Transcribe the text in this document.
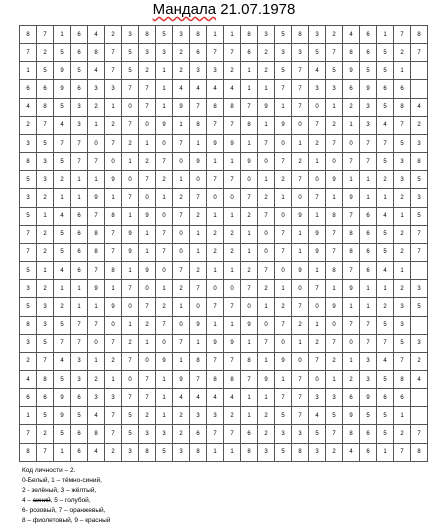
Мандала 21.07.1978
8	7	1	6	4	2	3	8	5	3	8	1	1	8	3	5	8	3	2	4	6	1	7	8
7	2	5	6	8	7	5	3	3	2	6	7	7	6	2	3	3	5	7	8	6	5	2	7
1	5	9	5	4	7	5	2	1	2	3	3	2	1	2	5	7	4	5	9	5	5	1	
6	6	9	6	3	3	7	7	1	4	4	4	4	1	1	7	7	3	3	6	9	6	6	
4	8	5	3	2	1	0	7	1	9	7	8	8	7	9	1	7	0	1	2	3	5	8	4
2	7	4	3	1	2	7	0	9	1	8	7	7	8	1	9	0	7	2	1	3	4	7	2
3	5	7	7	0	7	2	1	0	7	1	9	9	1	7	0	1	2	7	0	7	7	5	3
8	3	5	7	7	0	1	2	7	0	9	1	1	9	0	7	2	1	0	7	7	5	3	8
5	3	2	1	1	9	0	7	2	1	0	7	7	0	1	2	7	0	9	1	1	2	3	5
3	2	1	1	9	1	7	0	1	2	7	0	0	7	2	1	0	7	1	9	1	1	2	3
5	1	4	6	7	8	1	9	0	7	2	1	1	2	7	0	9	1	8	7	6	4	1	5
7	2	5	6	8	7	9	1	7	0	1	2	2	1	0	7	1	9	7	8	6	5	2	7
7	2	5	6	8	7	9	1	7	0	1	2	2	1	0	7	1	9	7	8	6	5	2	7
5	1	4	6	7	8	1	9	0	7	2	1	1	2	7	0	9	1	8	7	6	4	1	
3	2	1	1	9	1	7	0	1	2	7	0	0	7	2	1	0	7	1	9	1	1	2	3
5	3	2	1	1	9	0	7	2	1	0	7	7	0	1	2	7	0	9	1	1	2	3	5
8	3	5	7	7	0	1	2	7	0	9	1	1	9	0	7	2	1	0	7	7	5	3	
3	5	7	7	0	7	2	1	0	7	1	9	9	1	7	0	1	2	7	0	7	7	5	3
2	7	4	3	1	2	7	0	9	1	8	7	7	8	1	9	0	7	2	1	3	4	7	2
4	8	5	3	2	1	0	7	1	9	7	8	8	7	9	1	7	0	1	2	3	5	8	4
6	6	9	6	3	3	7	7	1	4	4	4	4	1	1	7	7	3	3	6	9	6	6	
1	5	9	5	4	7	5	2	1	2	3	3	2	1	2	5	7	4	5	9	5	5	1	
7	2	5	6	8	7	5	3	3	2	6	7	7	6	2	3	3	5	7	8	6	5	2	7
8	7	1	6	4	2	3	8	5	3	8	1	1	8	3	5	8	3	2	4	6	1	7	8
Код личности – 2.
0-Белый, 1 – тёмно-синий,
2 - зелёный, 3 – жёлтый,
4 – синий, 5 – голубой,
6- розовый, 7 – оранжевый,
8 – фиолетовый, 9 – красный
